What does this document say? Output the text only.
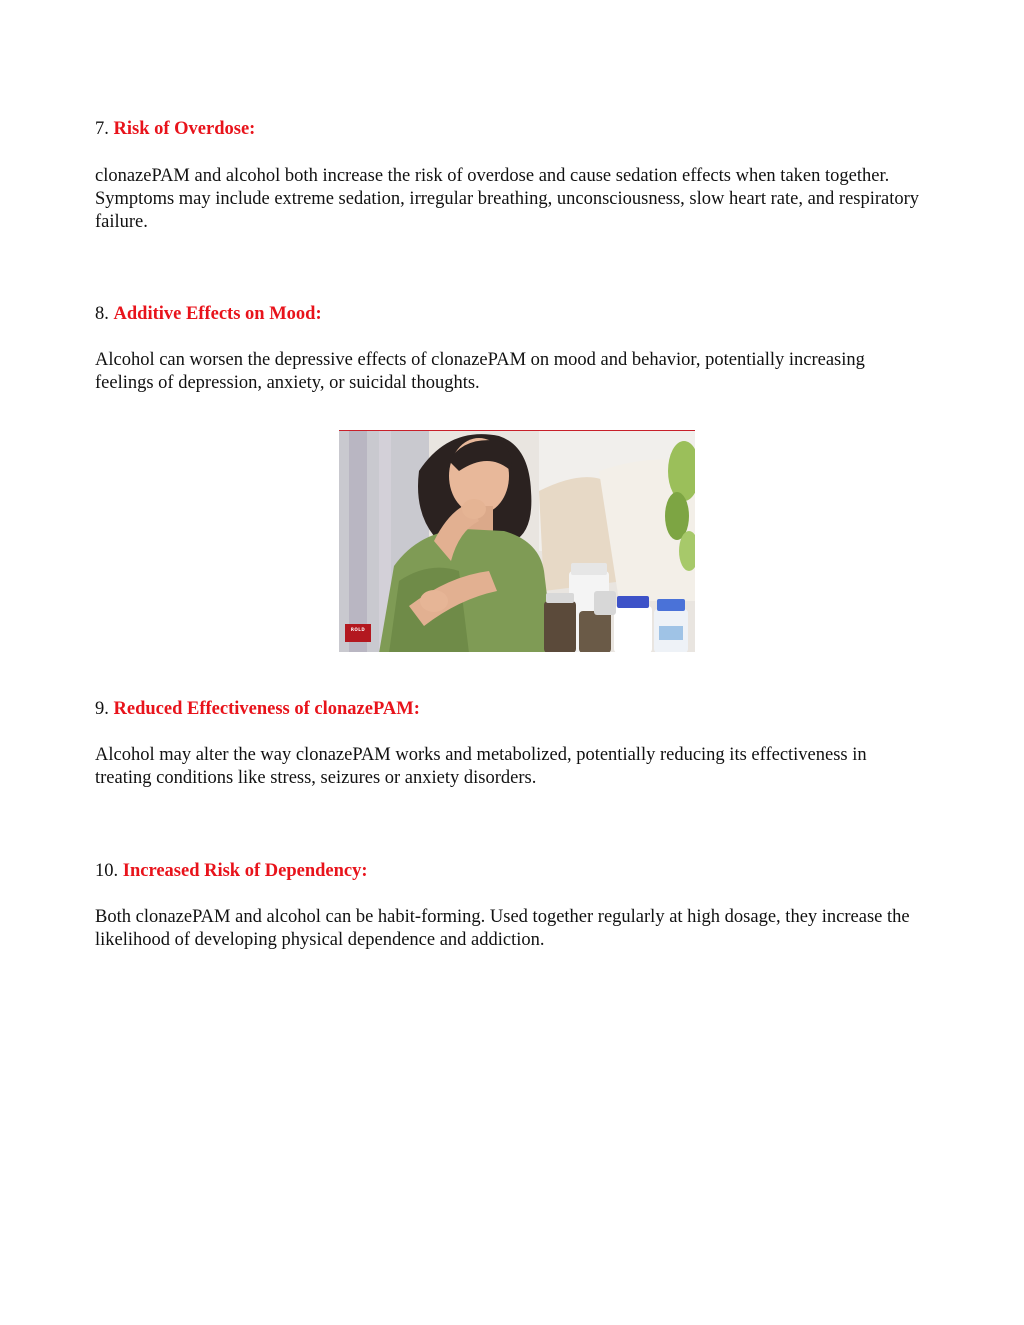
7. Risk of Overdose:

clonazePAM and alcohol both increase the risk of overdose and cause sedation effects when taken together. Symptoms may include extreme sedation, irregular breathing, unconsciousness, slow heart rate, and respiratory failure.

8. Additive Effects on Mood:

Alcohol can worsen the depressive effects of clonazePAM on mood and behavior, potentially increasing feelings of depression, anxiety, or suicidal thoughts.

ROLD
9. Reduced Effectiveness of clonazePAM:

Alcohol may alter the way clonazePAM works and metabolized, potentially reducing its effectiveness in treating conditions like stress, seizures or anxiety disorders.

10. Increased Risk of Dependency:

Both clonazePAM and alcohol can be habit-forming. Used together regularly at high dosage, they increase the likelihood of developing physical dependence and addiction.
